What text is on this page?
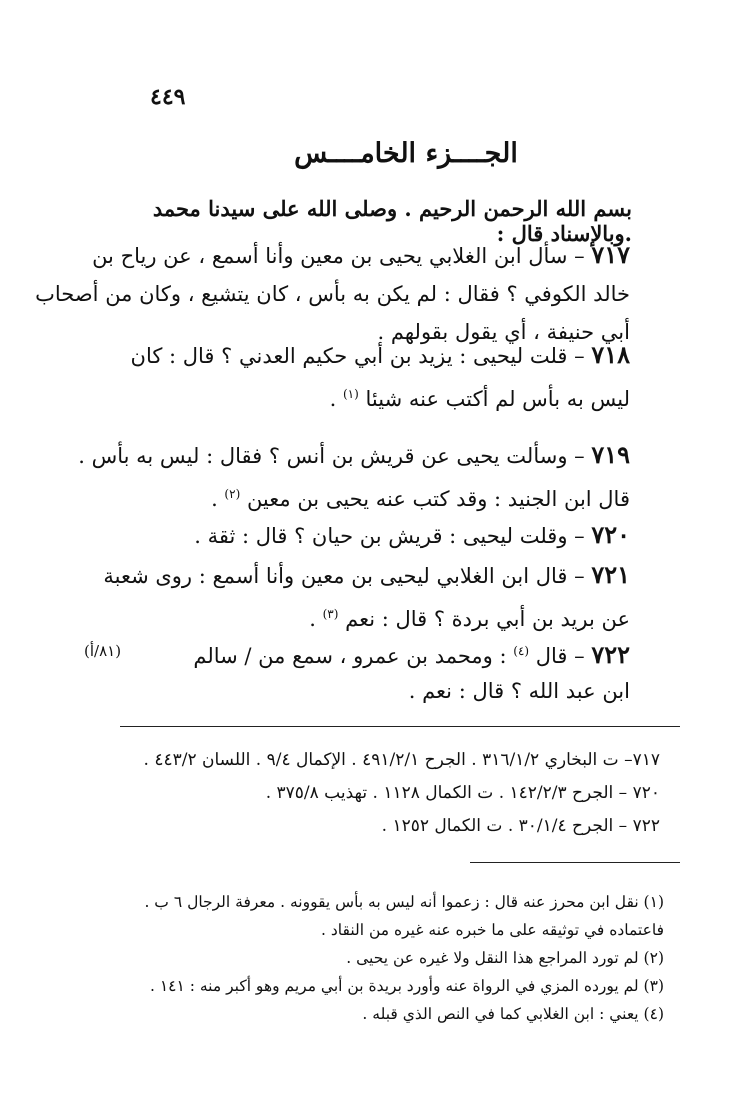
٤٤٩
الجــــزء الخامــــس
بسم الله الرحمن الرحيم . وصلى الله على سيدنا محمد .وبالإسناد قال :
٧١٧ – سأل ابن الغلابي يحيى بن معين وأنا أسمع ، عن رياح بن
خالد الكوفي ؟ فقال : لم يكن به بأس ، كان يتشيع ، وكان من أصحاب
أبي حنيفة ، أي يقول بقولهم .
٧١٨ – قلت ليحيى : يزيد بن أبي حكيم العدني ؟ قال : كان
ليس به بأس لم أكتب عنه شيئا $^{(١)}$ .
٧١٩ – وسألت يحيى عن قريش بن أنس ؟ فقال : ليس به بأس .
قال ابن الجنيد : وقد كتب عنه يحيى بن معين $^{(٢)}$ .
٧٢٠ – وقلت ليحيى : قريش بن حيان ؟ قال : ثقة .
٧٢١ – قال ابن الغلابي ليحيى بن معين وأنا أسمع : روى شعبة
عن بريد بن أبي بردة ؟ قال : نعم $^{(٣)}$ .
٧٢٢ – قال $^{(٤)}$ : ومحمد بن عمرو ، سمع من / سالم
ابن عبد الله ؟ قال : نعم .
(٨١/أ)
٧١٧– ت البخاري ٣١٦/١/٢ . الجرح ٤٩١/٢/١ . الإكمال ٩/٤ . اللسان ٤٤٣/٢ .
٧٢٠ – الجرح ١٤٢/٢/٣ . ت الكمال ١١٢٨ . تهذيب ٣٧٥/٨ .
٧٢٢ – الجرح ٣٠/١/٤ . ت الكمال ١٢٥٢ .
(١) نقل ابن محرز عنه قال : زعموا أنه ليس به بأس يقوونه . معرفة الرجال ٦ ب .
فاعتماده في توثيقه على ما خبره عنه غيره من النقاد .
(٢) لم تورد المراجع هذا النقل ولا غيره عن يحيى .
(٣) لم يورده المزي في الرواة عنه وأورد بريدة بن أبي مريم وهو أكبر منه : ١٤١ .
(٤) يعني : ابن الغلابي كما في النص الذي قبله .
